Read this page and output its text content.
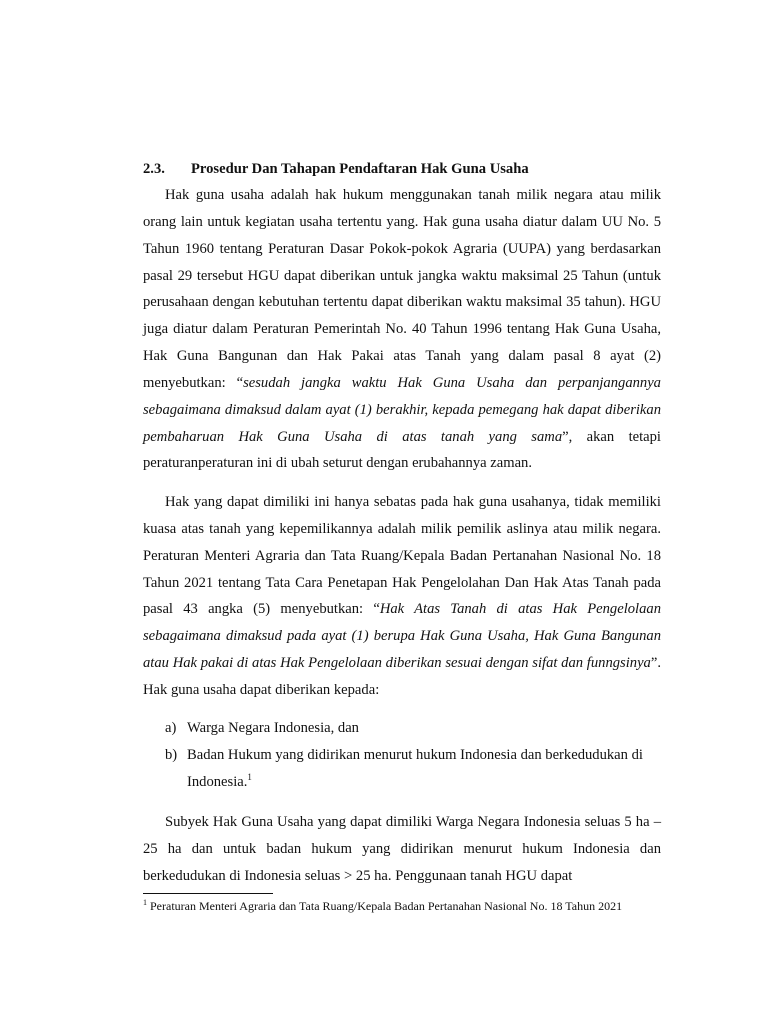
2.3.	Prosedur Dan Tahapan Pendaftaran Hak Guna Usaha

Hak guna usaha adalah hak hukum menggunakan tanah milik negara atau milik orang lain untuk kegiatan usaha tertentu yang. Hak guna usaha diatur dalam UU No. 5 Tahun 1960 tentang Peraturan Dasar Pokok-pokok Agraria (UUPA) yang berdasarkan pasal 29 tersebut HGU dapat diberikan untuk jangka waktu maksimal 25 Tahun (untuk perusahaan dengan kebutuhan tertentu dapat diberikan waktu maksimal 35 tahun). HGU juga diatur dalam Peraturan Pemerintah No. 40 Tahun 1996 tentang Hak Guna Usaha, Hak Guna Bangunan dan Hak Pakai atas Tanah yang dalam pasal 8 ayat (2) menyebutkan: “sesudah jangka waktu Hak Guna Usaha dan perpanjangannya sebagaimana dimaksud dalam ayat (1) berakhir, kepada pemegang hak dapat diberikan pembaharuan Hak Guna Usaha di atas tanah yang sama”, akan tetapi peraturanperaturan ini di ubah seturut dengan erubahannya zaman.

Hak yang dapat dimiliki ini hanya sebatas pada hak guna usahanya, tidak memiliki kuasa atas tanah yang kepemilikannya adalah milik pemilik aslinya atau milik negara. Peraturan Menteri Agraria dan Tata Ruang/Kepala Badan Pertanahan Nasional No. 18 Tahun 2021 tentang Tata Cara Penetapan Hak Pengelolahan Dan Hak Atas Tanah pada pasal 43 angka (5) menyebutkan: “Hak Atas Tanah di atas Hak Pengelolaan sebagaimana dimaksud pada ayat (1) berupa Hak Guna Usaha, Hak Guna Bangunan atau Hak pakai di atas Hak Pengelolaan diberikan sesuai dengan sifat dan funngsinya”. Hak guna usaha dapat diberikan kepada:

a) Warga Negara Indonesia, dan
b) Badan Hukum yang didirikan menurut hukum Indonesia dan berkedudukan di Indonesia.$^1$

Subyek Hak Guna Usaha yang dapat dimiliki Warga Negara Indonesia seluas 5 ha – 25 ha dan untuk badan hukum yang didirikan menurut hukum Indonesia dan berkedudukan di Indonesia seluas > 25 ha. Penggunaan tanah HGU dapat

$^1$ Peraturan Menteri Agraria dan Tata Ruang/Kepala Badan Pertanahan Nasional No. 18 Tahun 2021
